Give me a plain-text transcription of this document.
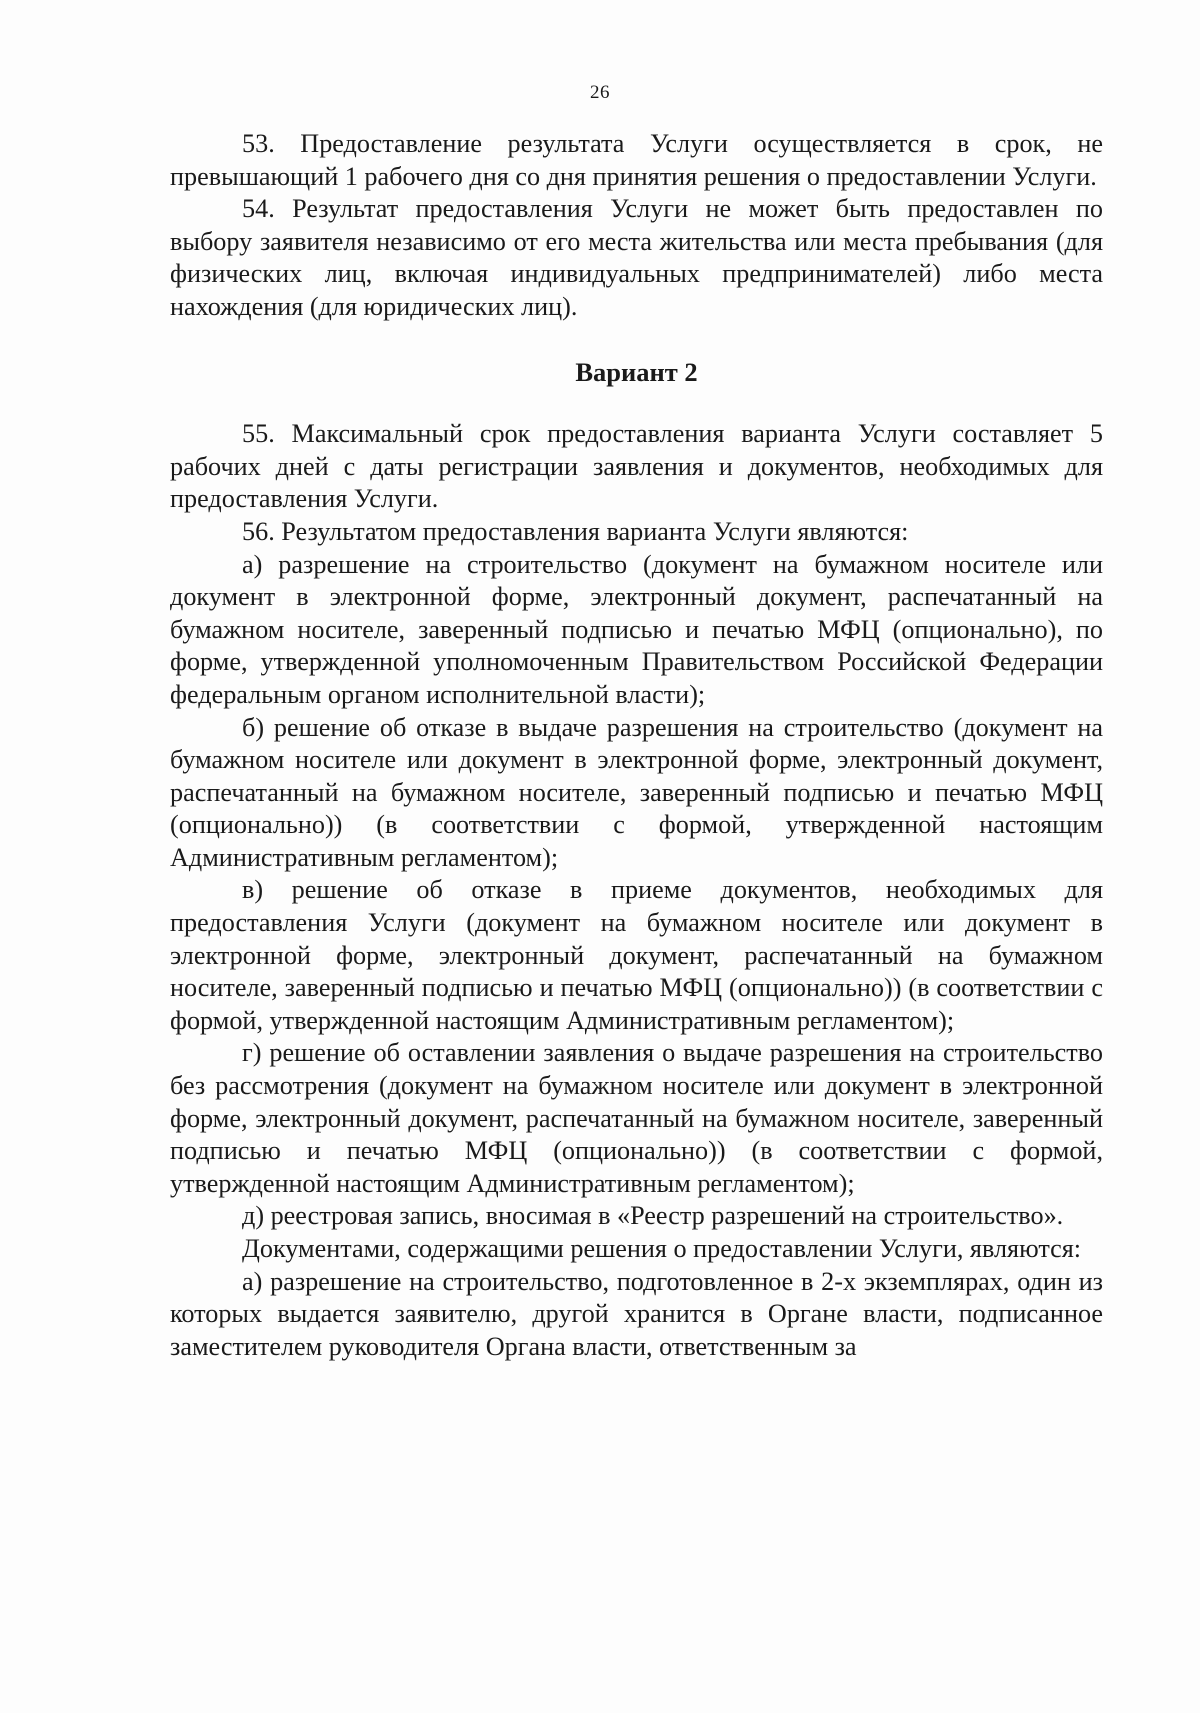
26

53. Предоставление результата Услуги осуществляется в срок, не превышающий 1 рабочего дня со дня принятия решения о предоставлении Услуги.

54. Результат предоставления Услуги не может быть предоставлен по выбору заявителя независимо от его места жительства или места пребывания (для физических лиц, включая индивидуальных предпринимателей) либо места нахождения (для юридических лиц).

Вариант 2

55. Максимальный срок предоставления варианта Услуги составляет 5 рабочих дней с даты регистрации заявления и документов, необходимых для предоставления Услуги.

56. Результатом предоставления варианта Услуги являются:

а) разрешение на строительство (документ на бумажном носителе или документ в электронной форме, электронный документ, распечатанный на бумажном носителе, заверенный подписью и печатью МФЦ (опционально), по форме, утвержденной уполномоченным Правительством Российской Федерации федеральным органом исполнительной власти);

б) решение об отказе в выдаче разрешения на строительство (документ на бумажном носителе или документ в электронной форме, электронный документ, распечатанный на бумажном носителе, заверенный подписью и печатью МФЦ (опционально)) (в соответствии с формой, утвержденной настоящим Административным регламентом);

в) решение об отказе в приеме документов, необходимых для предоставления Услуги (документ на бумажном носителе или документ в электронной форме, электронный документ, распечатанный на бумажном носителе, заверенный подписью и печатью МФЦ (опционально)) (в соответствии с формой, утвержденной настоящим Административным регламентом);

г) решение об оставлении заявления о выдаче разрешения на строительство без рассмотрения (документ на бумажном носителе или документ в электронной форме, электронный документ, распечатанный на бумажном носителе, заверенный подписью и печатью МФЦ (опционально)) (в соответствии с формой, утвержденной настоящим Административным регламентом);

д) реестровая запись, вносимая в «Реестр разрешений на строительство».

Документами, содержащими решения о предоставлении Услуги, являются:

а) разрешение на строительство, подготовленное в 2-х экземплярах, один из которых выдается заявителю, другой хранится в Органе власти, подписанное заместителем руководителя Органа власти, ответственным за
